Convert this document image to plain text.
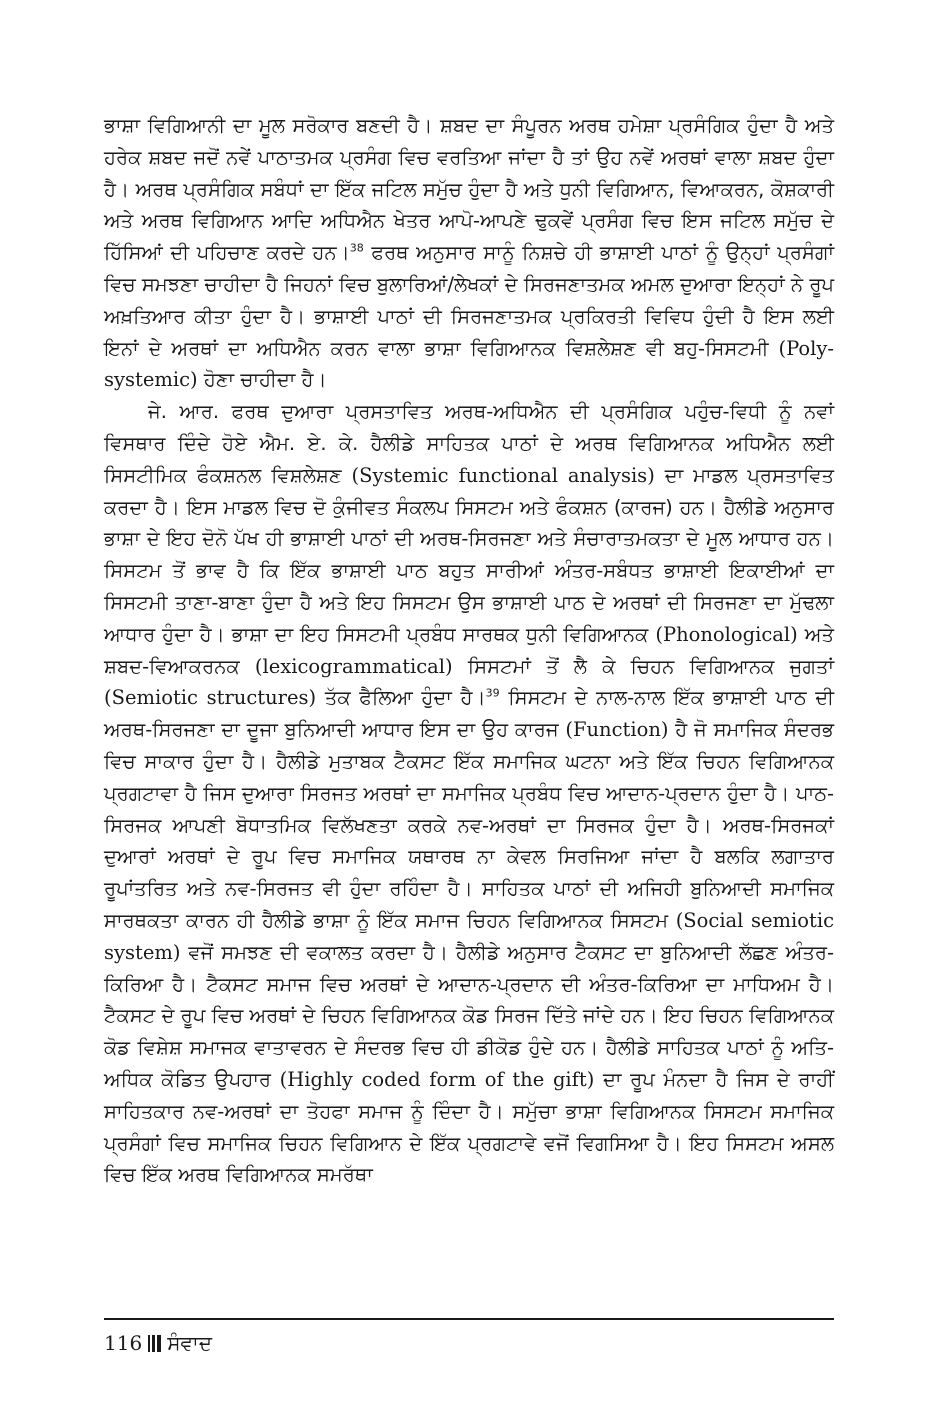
ਭਾਸ਼ਾ ਵਿਗਿਆਨੀ ਦਾ ਮੂਲ ਸਰੋਕਾਰ ਬਣਦੀ ਹੈ। ਸ਼ਬਦ ਦਾ ਸੰਪੂਰਨ ਅਰਥ ਹਮੇਸ਼ਾ ਪ੍ਰਸੰਗਿਕ ਹੁੰਦਾ ਹੈ ਅਤੇ ਹਰੇਕ ਸ਼ਬਦ ਜਦੋਂ ਨਵੇਂ ਪਾਠਾਤਮਕ ਪ੍ਰਸੰਗ ਵਿਚ ਵਰਤਿਆ ਜਾਂਦਾ ਹੈ ਤਾਂ ਉਹ ਨਵੇਂ ਅਰਥਾਂ ਵਾਲਾ ਸ਼ਬਦ ਹੁੰਦਾ ਹੈ। ਅਰਥ ਪ੍ਰਸੰਗਿਕ ਸਬੰਧਾਂ ਦਾ ਇੱਕ ਜਟਿਲ ਸਮੁੱਚ ਹੁੰਦਾ ਹੈ ਅਤੇ ਧੁਨੀ ਵਿਗਿਆਨ, ਵਿਆਕਰਨ, ਕੋਸ਼ਕਾਰੀ ਅਤੇ ਅਰਥ ਵਿਗਿਆਨ ਆਦਿ ਅਧਿਐਨ ਖੇਤਰ ਆਪੋ-ਆਪਣੇ ਢੁਕਵੇਂ ਪ੍ਰਸੰਗ ਵਿਚ ਇਸ ਜਟਿਲ ਸਮੁੱਚ ਦੇ ਹਿੱਸਿਆਂ ਦੀ ਪਹਿਚਾਣ ਕਰਦੇ ਹਨ।$^{38}$ ਫਰਥ ਅਨੁਸਾਰ ਸਾਨੂੰ ਨਿਸ਼ਚੇ ਹੀ ਭਾਸ਼ਾਈ ਪਾਠਾਂ ਨੂੰ ਉਨ੍ਹਾਂ ਪ੍ਰਸੰਗਾਂ ਵਿਚ ਸਮਝਣਾ ਚਾਹੀਦਾ ਹੈ ਜਿਹਨਾਂ ਵਿਚ ਬੁਲਾਰਿਆਂ/ਲੇਖਕਾਂ ਦੇ ਸਿਰਜਣਾਤਮਕ ਅਮਲ ਦੁਆਰਾ ਇਨ੍ਹਾਂ ਨੇ ਰੂਪ ਅਖ਼ਤਿਆਰ ਕੀਤਾ ਹੁੰਦਾ ਹੈ। ਭਾਸ਼ਾਈ ਪਾਠਾਂ ਦੀ ਸਿਰਜਣਾਤਮਕ ਪ੍ਰਕਿਰਤੀ ਵਿਵਿਧ ਹੁੰਦੀ ਹੈ ਇਸ ਲਈ ਇਨਾਂ ਦੇ ਅਰਥਾਂ ਦਾ ਅਧਿਐਨ ਕਰਨ ਵਾਲਾ ਭਾਸ਼ਾ ਵਿਗਿਆਨਕ ਵਿਸ਼ਲੇਸ਼ਣ ਵੀ ਬਹੁ-ਸਿਸਟਮੀ (Poly-systemic) ਹੋਣਾ ਚਾਹੀਦਾ ਹੈ।

ਜੇ. ਆਰ. ਫਰਥ ਦੁਆਰਾ ਪ੍ਰਸਤਾਵਿਤ ਅਰਥ-ਅਧਿਐਨ ਦੀ ਪ੍ਰਸੰਗਿਕ ਪਹੁੰਚ-ਵਿਧੀ ਨੂੰ ਨਵਾਂ ਵਿਸਥਾਰ ਦਿੰਦੇ ਹੋਏ ਐਮ. ਏ. ਕੇ. ਹੈਲੀਡੇ ਸਾਹਿਤਕ ਪਾਠਾਂ ਦੇ ਅਰਥ ਵਿਗਿਆਨਕ ਅਧਿਐਨ ਲਈ ਸਿਸਟੀਮਿਕ ਫੰਕਸ਼ਨਲ ਵਿਸ਼ਲੇਸ਼ਣ (Systemic functional analysis) ਦਾ ਮਾਡਲ ਪ੍ਰਸਤਾਵਿਤ ਕਰਦਾ ਹੈ। ਇਸ ਮਾਡਲ ਵਿਚ ਦੋ ਕੁੰਜੀਵਤ ਸੰਕਲਪ ਸਿਸਟਮ ਅਤੇ ਫੰਕਸ਼ਨ (ਕਾਰਜ) ਹਨ। ਹੈਲੀਡੇ ਅਨੁਸਾਰ ਭਾਸ਼ਾ ਦੇ ਇਹ ਦੋਨੋ ਪੱਖ ਹੀ ਭਾਸ਼ਾਈ ਪਾਠਾਂ ਦੀ ਅਰਥ-ਸਿਰਜਣਾ ਅਤੇ ਸੰਚਾਰਾਤਮਕਤਾ ਦੇ ਮੂਲ ਆਧਾਰ ਹਨ। ਸਿਸਟਮ ਤੋਂ ਭਾਵ ਹੈ ਕਿ ਇੱਕ ਭਾਸ਼ਾਈ ਪਾਠ ਬਹੁਤ ਸਾਰੀਆਂ ਅੰਤਰ-ਸਬੰਧਤ ਭਾਸ਼ਾਈ ਇਕਾਈਆਂ ਦਾ ਸਿਸਟਮੀ ਤਾਣਾ-ਬਾਣਾ ਹੁੰਦਾ ਹੈ ਅਤੇ ਇਹ ਸਿਸਟਮ ਉਸ ਭਾਸ਼ਾਈ ਪਾਠ ਦੇ ਅਰਥਾਂ ਦੀ ਸਿਰਜਣਾ ਦਾ ਮੁੱਢਲਾ ਆਧਾਰ ਹੁੰਦਾ ਹੈ। ਭਾਸ਼ਾ ਦਾ ਇਹ ਸਿਸਟਮੀ ਪ੍ਰਬੰਧ ਸਾਰਥਕ ਧੁਨੀ ਵਿਗਿਆਨਕ (Phonological) ਅਤੇ ਸ਼ਬਦ-ਵਿਆਕਰਨਕ (lexicogrammatical) ਸਿਸਟਮਾਂ ਤੋਂ ਲੈ ਕੇ ਚਿਹਨ ਵਿਗਿਆਨਕ ਜੁਗਤਾਂ (Semiotic structures) ਤੱਕ ਫੈਲਿਆ ਹੁੰਦਾ ਹੈ।$^{39}$ ਸਿਸਟਮ ਦੇ ਨਾਲ-ਨਾਲ ਇੱਕ ਭਾਸ਼ਾਈ ਪਾਠ ਦੀ ਅਰਥ-ਸਿਰਜਣਾ ਦਾ ਦੂਜਾ ਬੁਨਿਆਦੀ ਆਧਾਰ ਇਸ ਦਾ ਉਹ ਕਾਰਜ (Function) ਹੈ ਜੋ ਸਮਾਜਿਕ ਸੰਦਰਭ ਵਿਚ ਸਾਕਾਰ ਹੁੰਦਾ ਹੈ। ਹੈਲੀਡੇ ਮੁਤਾਬਕ ਟੈਕਸਟ ਇੱਕ ਸਮਾਜਿਕ ਘਟਨਾ ਅਤੇ ਇੱਕ ਚਿਹਨ ਵਿਗਿਆਨਕ ਪ੍ਰਗਟਾਵਾ ਹੈ ਜਿਸ ਦੁਆਰਾ ਸਿਰਜਤ ਅਰਥਾਂ ਦਾ ਸਮਾਜਿਕ ਪ੍ਰਬੰਧ ਵਿਚ ਆਦਾਨ-ਪ੍ਰਦਾਨ ਹੁੰਦਾ ਹੈ। ਪਾਠ-ਸਿਰਜਕ ਆਪਣੀ ਬੋਧਾਤਮਿਕ ਵਿਲੱਖਣਤਾ ਕਰਕੇ ਨਵ-ਅਰਥਾਂ ਦਾ ਸਿਰਜਕ ਹੁੰਦਾ ਹੈ। ਅਰਥ-ਸਿਰਜਕਾਂ ਦੁਆਰਾਂ ਅਰਥਾਂ ਦੇ ਰੂਪ ਵਿਚ ਸਮਾਜਿਕ ਯਥਾਰਥ ਨਾ ਕੇਵਲ ਸਿਰਜਿਆ ਜਾਂਦਾ ਹੈ ਬਲਕਿ ਲਗਾਤਾਰ ਰੂਪਾਂਤਰਿਤ ਅਤੇ ਨਵ-ਸਿਰਜਤ ਵੀ ਹੁੰਦਾ ਰਹਿੰਦਾ ਹੈ। ਸਾਹਿਤਕ ਪਾਠਾਂ ਦੀ ਅਜਿਹੀ ਬੁਨਿਆਦੀ ਸਮਾਜਿਕ ਸਾਰਥਕਤਾ ਕਾਰਨ ਹੀ ਹੈਲੀਡੇ ਭਾਸ਼ਾ ਨੂੰ ਇੱਕ ਸਮਾਜ ਚਿਹਨ ਵਿਗਿਆਨਕ ਸਿਸਟਮ (Social semiotic system) ਵਜੋਂ ਸਮਝਣ ਦੀ ਵਕਾਲਤ ਕਰਦਾ ਹੈ। ਹੈਲੀਡੇ ਅਨੁਸਾਰ ਟੈਕਸਟ ਦਾ ਬੁਨਿਆਦੀ ਲੱਛਣ ਅੰਤਰ-ਕਿਰਿਆ ਹੈ। ਟੈਕਸਟ ਸਮਾਜ ਵਿਚ ਅਰਥਾਂ ਦੇ ਆਦਾਨ-ਪ੍ਰਦਾਨ ਦੀ ਅੰਤਰ-ਕਿਰਿਆ ਦਾ ਮਾਧਿਅਮ ਹੈ। ਟੈਕਸਟ ਦੇ ਰੂਪ ਵਿਚ ਅਰਥਾਂ ਦੇ ਚਿਹਨ ਵਿਗਿਆਨਕ ਕੋਡ ਸਿਰਜ ਦਿੱਤੇ ਜਾਂਦੇ ਹਨ। ਇਹ ਚਿਹਨ ਵਿਗਿਆਨਕ ਕੋਡ ਵਿਸ਼ੇਸ਼ ਸਮਾਜਕ ਵਾਤਾਵਰਨ ਦੇ ਸੰਦਰਭ ਵਿਚ ਹੀ ਡੀਕੋਡ ਹੁੰਦੇ ਹਨ। ਹੈਲੀਡੇ ਸਾਹਿਤਕ ਪਾਠਾਂ ਨੂੰ ਅਤਿ-ਅਧਿਕ ਕੋਡਿਤ ਉਪਹਾਰ (Highly coded form of the gift) ਦਾ ਰੂਪ ਮੰਨਦਾ ਹੈ ਜਿਸ ਦੇ ਰਾਹੀਂ ਸਾਹਿਤਕਾਰ ਨਵ-ਅਰਥਾਂ ਦਾ ਤੋਹਫਾ ਸਮਾਜ ਨੂੰ ਦਿੰਦਾ ਹੈ। ਸਮੁੱਚਾ ਭਾਸ਼ਾ ਵਿਗਿਆਨਕ ਸਿਸਟਮ ਸਮਾਜਿਕ ਪ੍ਰਸੰਗਾਂ ਵਿਚ ਸਮਾਜਿਕ ਚਿਹਨ ਵਿਗਿਆਨ ਦੇ ਇੱਕ ਪ੍ਰਗਟਾਵੇ ਵਜੋਂ ਵਿਗਸਿਆ ਹੈ। ਇਹ ਸਿਸਟਮ ਅਸਲ ਵਿਚ ਇੱਕ ਅਰਥ ਵਿਗਿਆਨਕ ਸਮਰੱਥਾ

116 ਸੰਵਾਦ
